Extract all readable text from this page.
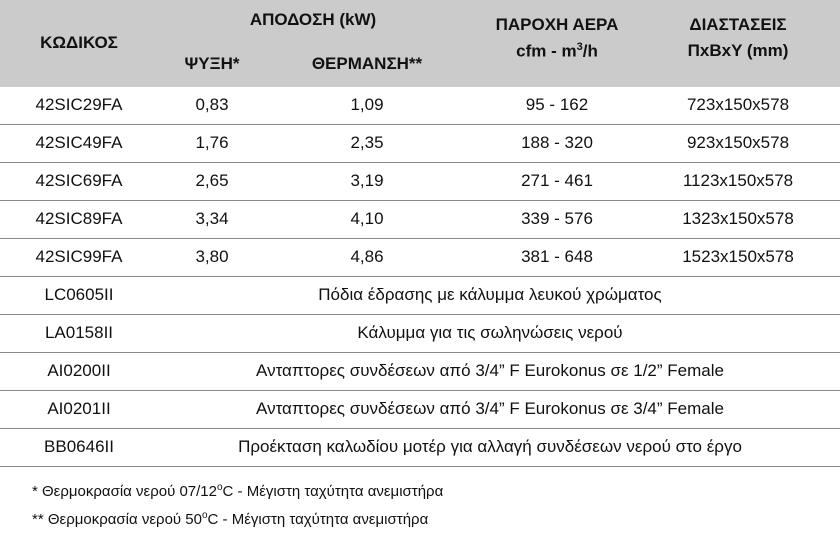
ΚΩΔΙΚΟΣ
ΑΠΟΔΟΣΗ (kW)
ΨΥΞΗ*	ΘΕΡΜΑΝΣΗ**
ΠΑΡΟΧΗ ΑΕΡΑ
cfm - $m^3/h$
ΔΙΑΣΤΑΣΕΙΣ
ΠxBxY (mm)
42SIC29FA	0,83	1,09	95 - 162	723x150x578
42SIC49FA	1,76	2,35	188 - 320	923x150x578
42SIC69FA	2,65	3,19	271 - 461	1123x150x578
42SIC89FA	3,34	4,10	339 - 576	1323x150x578
42SIC99FA	3,80	4,86	381 - 648	1523x150x578
LC0605II	Πόδια έδρασης με κάλυμμα λευκού χρώματος
LA0158II	Κάλυμμα για τις σωληνώσεις νερού
AI0200II	Ανταπτορες συνδέσεων από 3/4” F Eurokonus σε 1/2” Female
AI0201II	Ανταπτορες συνδέσεων από 3/4” F Eurokonus σε 3/4” Female
BB0646II	Προέκταση καλωδίου μοτέρ για αλλαγή συνδέσεων νερού στο έργο
* Θερμοκρασία νερού $07/12^oC$ - Μέγιστη ταχύτητα ανεμιστήρα
** Θερμοκρασία νερού $50^oC$ - Μέγιστη ταχύτητα ανεμιστήρα
